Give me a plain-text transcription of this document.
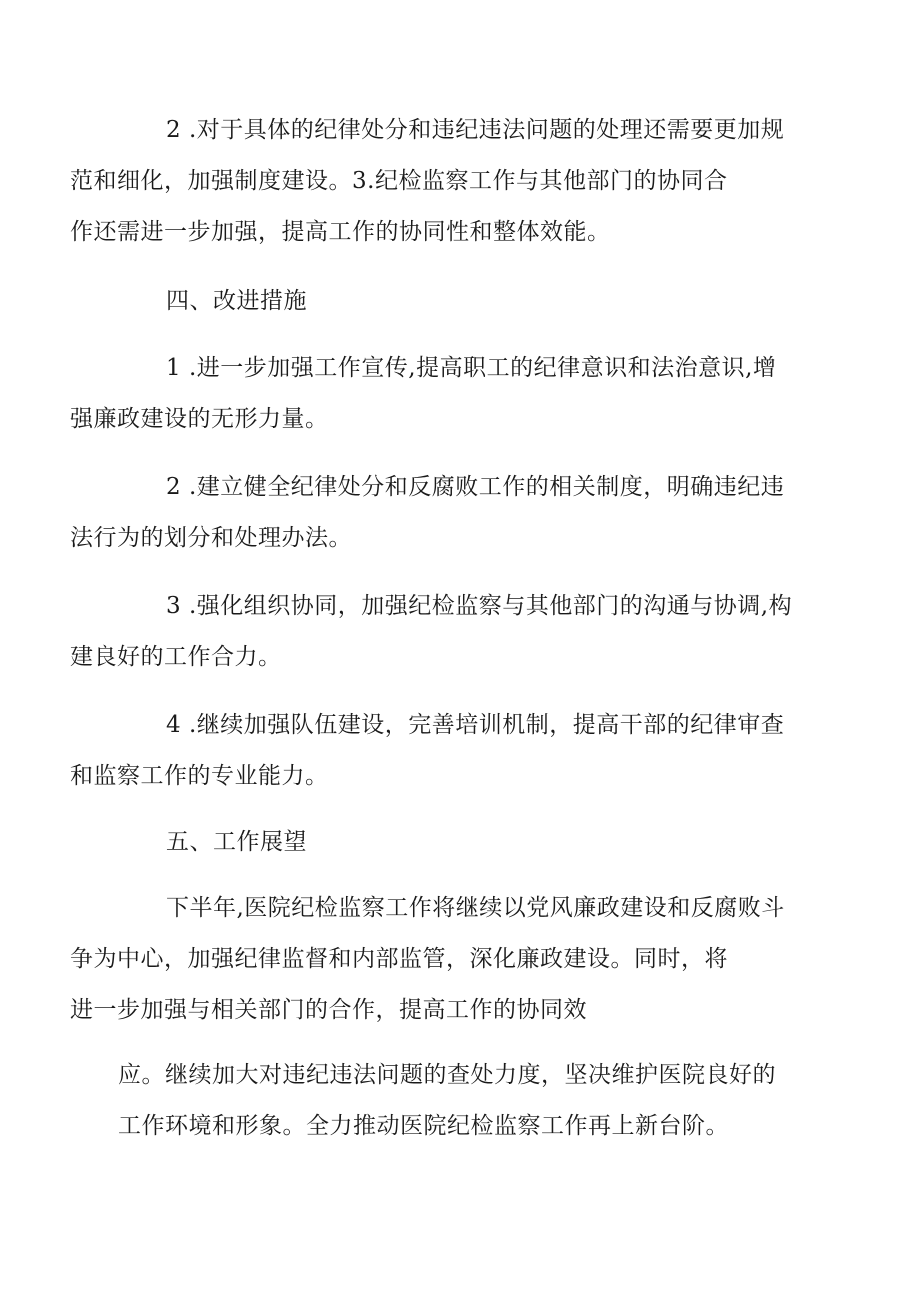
2 .对于具体的纪律处分和违纪违法问题的处理还需要更加规
范和细化，加强制度建设。3.纪检监察工作与其他部门的协同合
作还需进一步加强，提高工作的协同性和整体效能。

四、改进措施

1 .进一步加强工作宣传,提高职工的纪律意识和法治意识,增
强廉政建设的无形力量。

2 .建立健全纪律处分和反腐败工作的相关制度，明确违纪违
法行为的划分和处理办法。

3 .强化组织协同，加强纪检监察与其他部门的沟通与协调,构
建良好的工作合力。

4 .继续加强队伍建设，完善培训机制，提高干部的纪律审查
和监察工作的专业能力。

五、工作展望

下半年,医院纪检监察工作将继续以党风廉政建设和反腐败斗
争为中心，加强纪律监督和内部监管，深化廉政建设。同时，将
进一步加强与相关部门的合作，提高工作的协同效

应。继续加大对违纪违法问题的查处力度，坚决维护医院良好的
工作环境和形象。全力推动医院纪检监察工作再上新台阶。
